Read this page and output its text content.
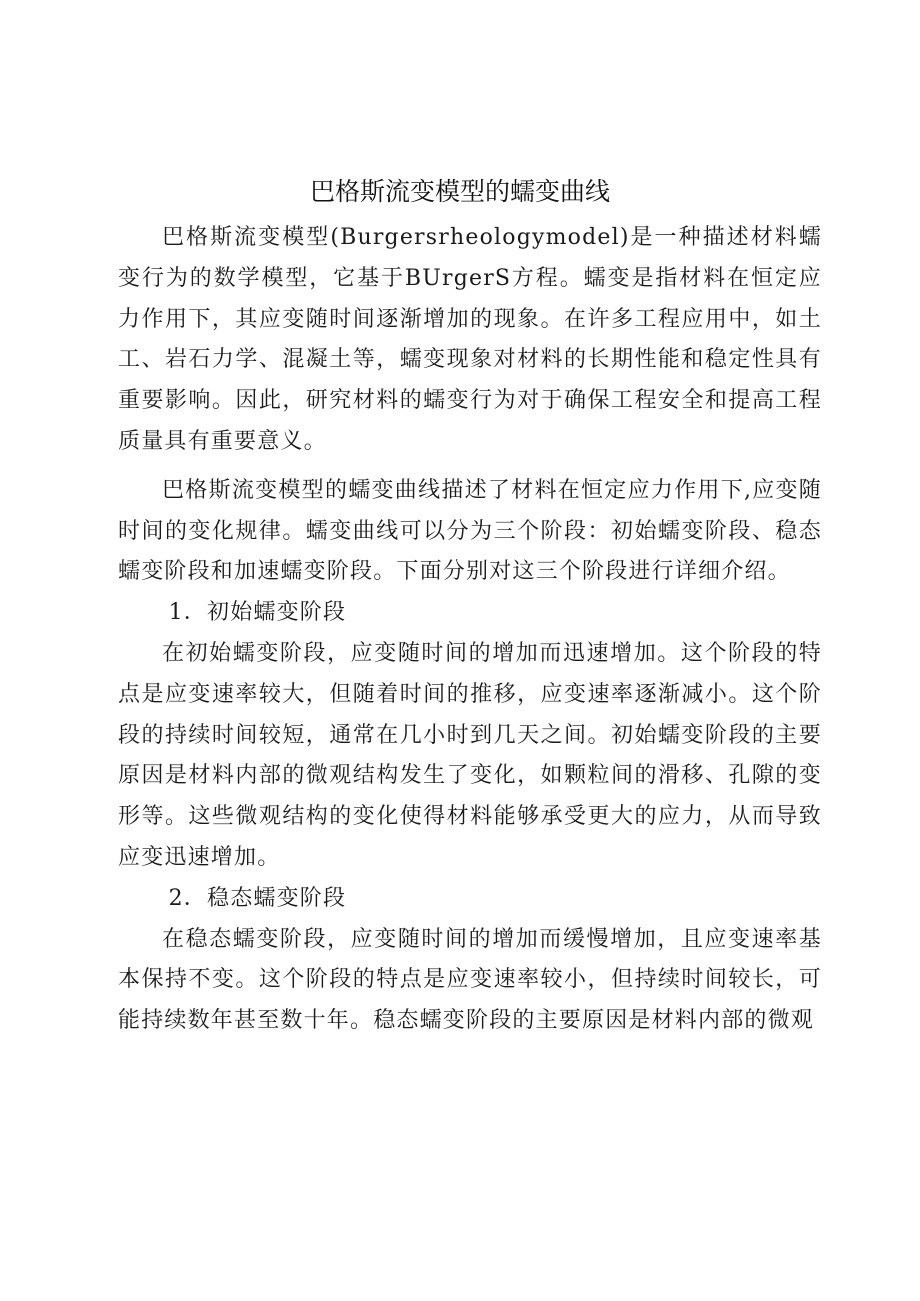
巴格斯流变模型的蠕变曲线

巴格斯流变模型(Burgersrheologymodel)是一种描述材料蠕变行为的数学模型，它基于BUrgerS方程。蠕变是指材料在恒定应力作用下，其应变随时间逐渐增加的现象。在许多工程应用中，如土工、岩石力学、混凝土等，蠕变现象对材料的长期性能和稳定性具有重要影响。因此，研究材料的蠕变行为对于确保工程安全和提高工程质量具有重要意义。

巴格斯流变模型的蠕变曲线描述了材料在恒定应力作用下,应变随时间的变化规律。蠕变曲线可以分为三个阶段：初始蠕变阶段、稳态蠕变阶段和加速蠕变阶段。下面分别对这三个阶段进行详细介绍。

1．初始蠕变阶段

在初始蠕变阶段，应变随时间的增加而迅速增加。这个阶段的特点是应变速率较大，但随着时间的推移，应变速率逐渐减小。这个阶段的持续时间较短，通常在几小时到几天之间。初始蠕变阶段的主要原因是材料内部的微观结构发生了变化，如颗粒间的滑移、孔隙的变形等。这些微观结构的变化使得材料能够承受更大的应力，从而导致应变迅速增加。

2．稳态蠕变阶段

在稳态蠕变阶段，应变随时间的增加而缓慢增加，且应变速率基本保持不变。这个阶段的特点是应变速率较小，但持续时间较长，可能持续数年甚至数十年。稳态蠕变阶段的主要原因是材料内部的微观
